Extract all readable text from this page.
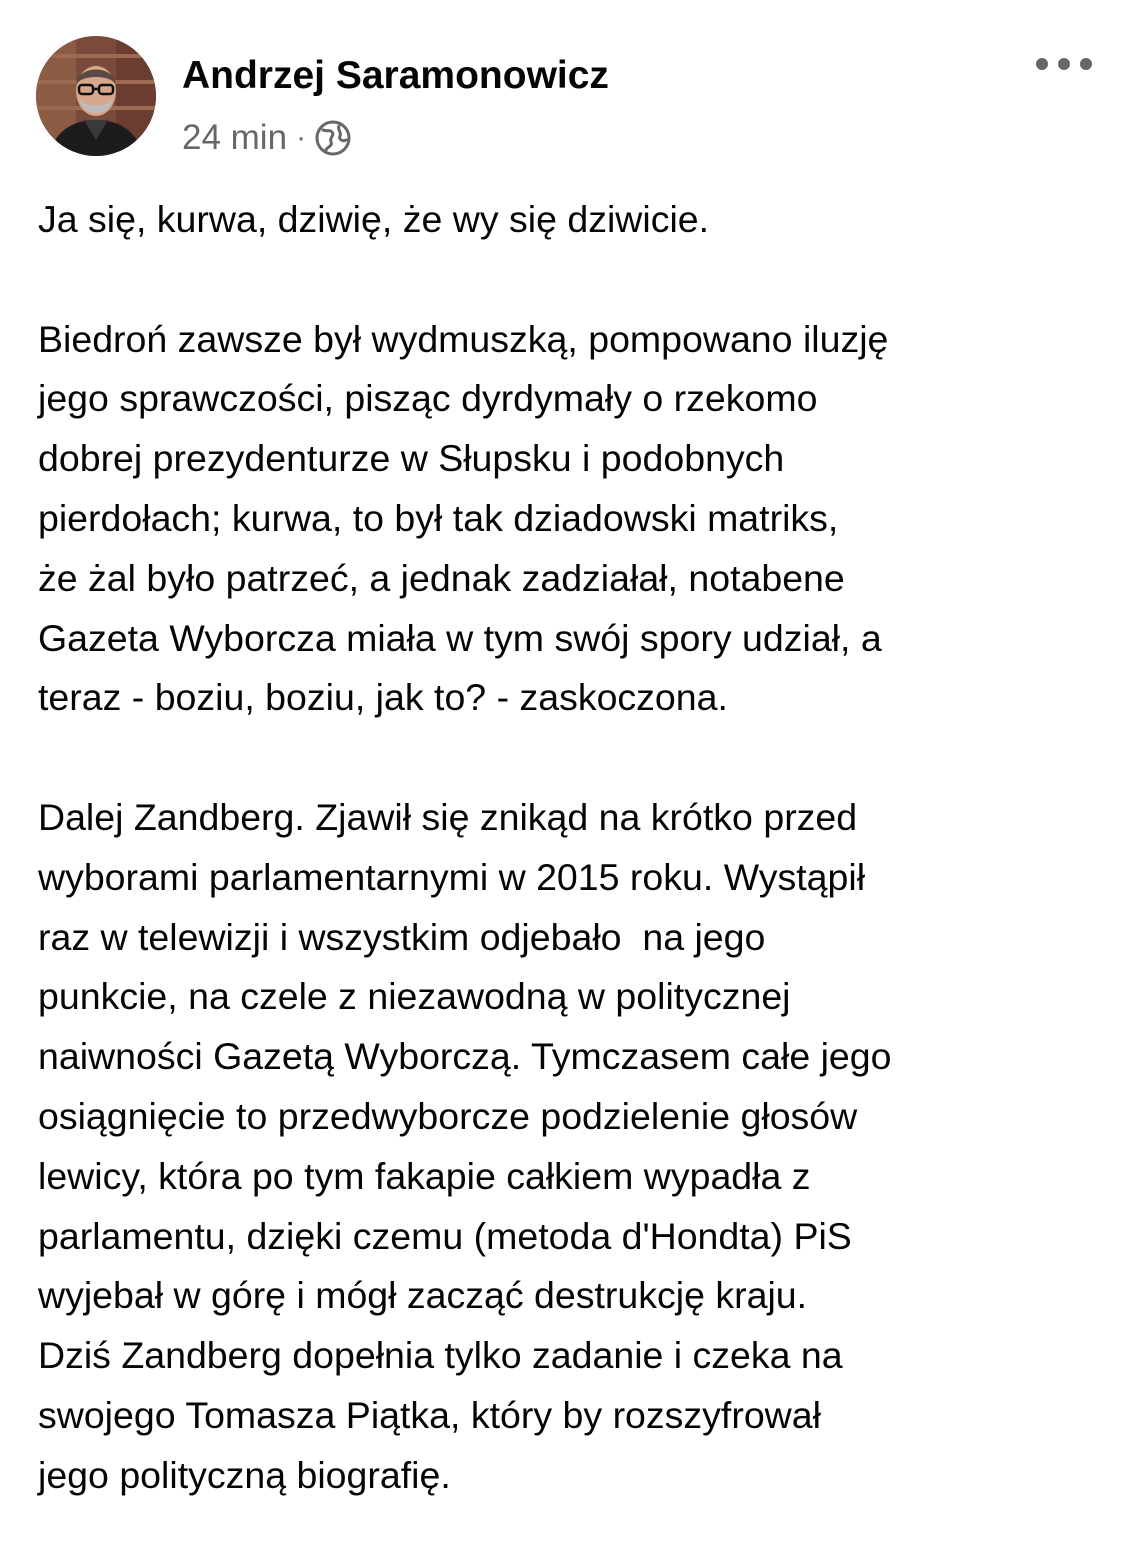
Andrzej Saramonowicz
24 min ·

Ja się, kurwa, dziwię, że wy się dziwicie.

Biedroń zawsze był wydmuszką, pompowano iluzję
jego sprawczości, pisząc dyrdymały o rzekomo
dobrej prezydenturze w Słupsku i podobnych
pierdołach; kurwa, to był tak dziadowski matriks,
że żal było patrzeć, a jednak zadziałał, notabene
Gazeta Wyborcza miała w tym swój spory udział, a
teraz - boziu, boziu, jak to? - zaskoczona.

Dalej Zandberg. Zjawił się znikąd na krótko przed
wyborami parlamentarnymi w 2015 roku. Wystąpił
raz w telewizji i wszystkim odjebało  na jego
punkcie, na czele z niezawodną w politycznej
naiwności Gazetą Wyborczą. Tymczasem całe jego
osiągnięcie to przedwyborcze podzielenie głosów
lewicy, która po tym fakapie całkiem wypadła z
parlamentu, dzięki czemu (metoda d'Hondta) PiS
wyjebał w górę i mógł zacząć destrukcję kraju.
Dziś Zandberg dopełnia tylko zadanie i czeka na
swojego Tomasza Piątka, który by rozszyfrował
jego polityczną biografię.
